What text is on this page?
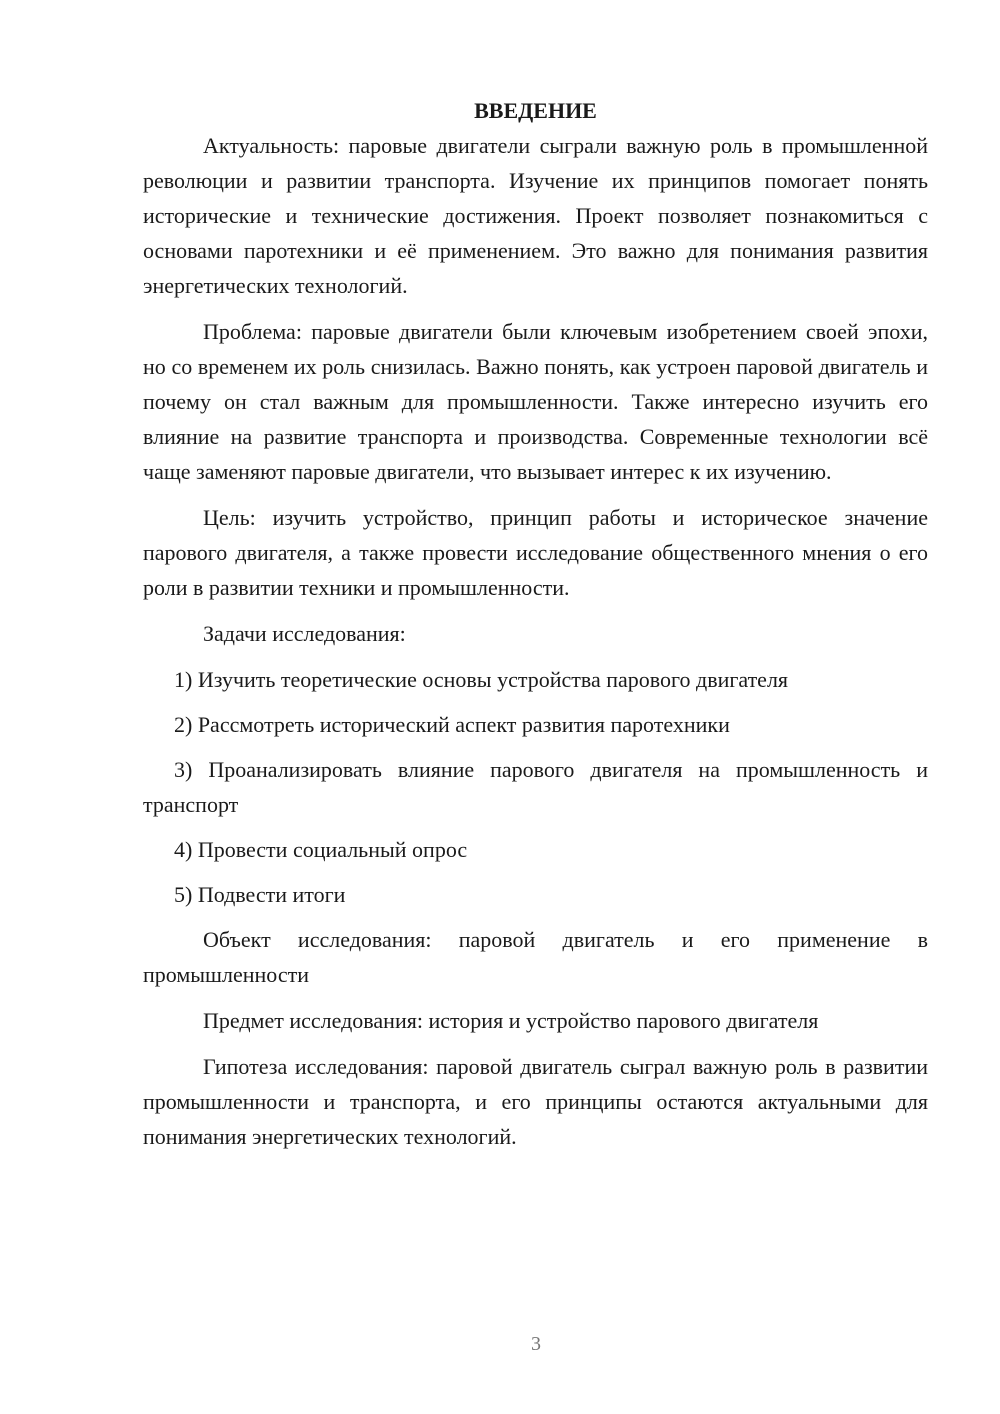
ВВЕДЕНИЕ

Актуальность: паровые двигатели сыграли важную роль в промышленной революции и развитии транспорта. Изучение их принципов помогает понять исторические и технические достижения. Проект позволяет познакомиться с основами паротехники и её применением. Это важно для понимания развития энергетических технологий.

Проблема: паровые двигатели были ключевым изобретением своей эпохи, но со временем их роль снизилась. Важно понять, как устроен паровой двигатель и почему он стал важным для промышленности. Также интересно изучить его влияние на развитие транспорта и производства. Современные технологии всё чаще заменяют паровые двигатели, что вызывает интерес к их изучению.

Цель: изучить устройство, принцип работы и историческое значение парового двигателя, а также провести исследование общественного мнения о его роли в развитии техники и промышленности.

Задачи исследования:

1) Изучить теоретические основы устройства парового двигателя

2) Рассмотреть исторический аспект развития паротехники

3) Проанализировать влияние парового двигателя на промышленность и транспорт

4) Провести социальный опрос

5) Подвести итоги

Объект исследования: паровой двигатель и его применение в промышленности

Предмет исследования: история и устройство парового двигателя

Гипотеза исследования: паровой двигатель сыграл важную роль в развитии промышленности и транспорта, и его принципы остаются актуальными для понимания энергетических технологий.

3
